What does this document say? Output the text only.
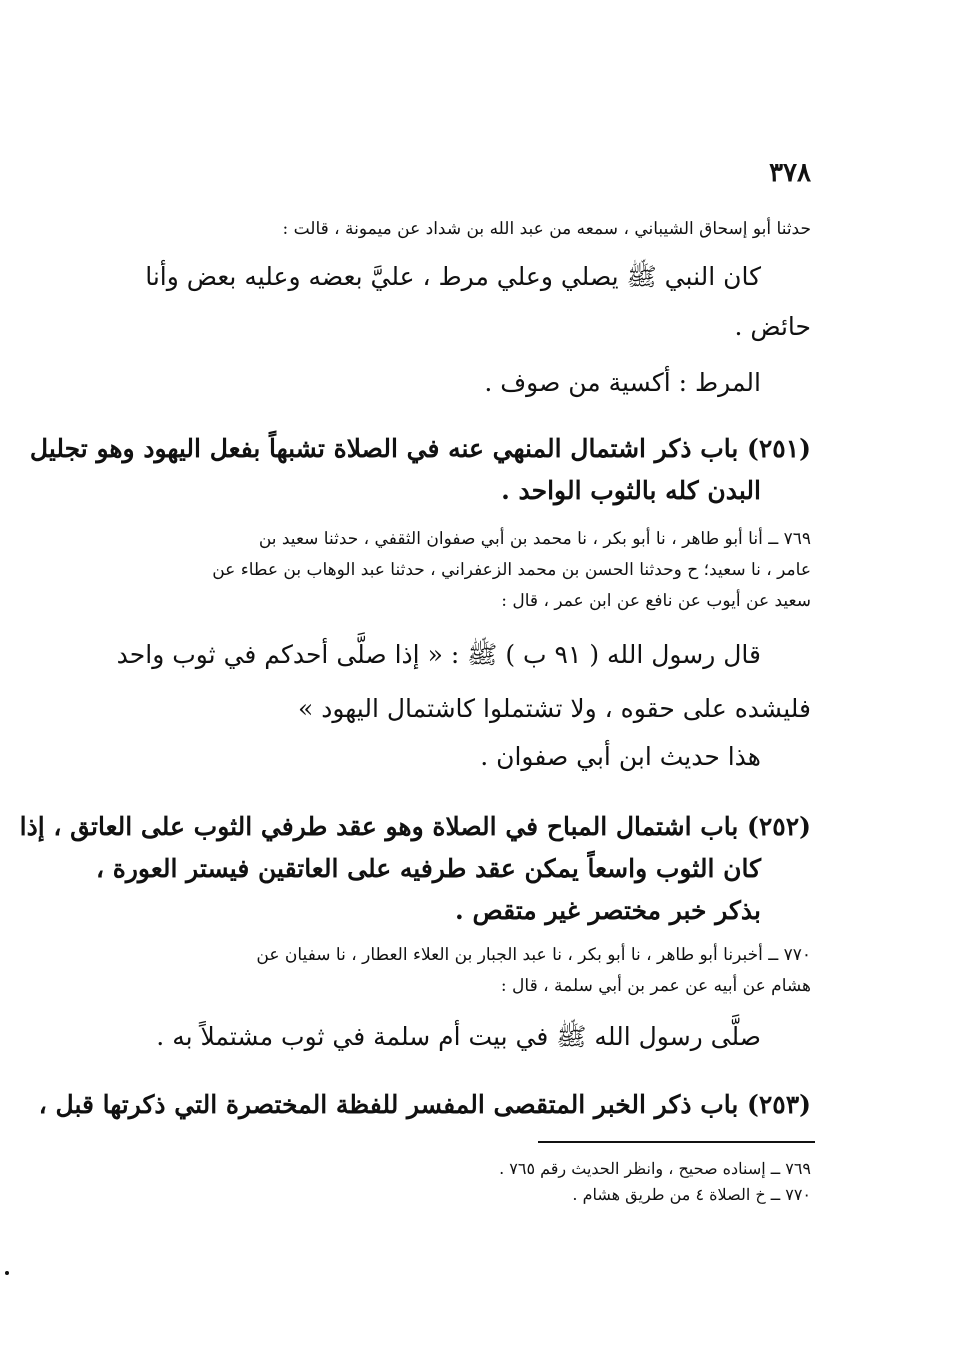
٣٧٨
حدثنا أبو إسحاق الشيباني ، سمعه من عبد الله بن شداد عن ميمونة ، قالت :
كان النبي ﷺ يصلي وعلي مرط ، عليَّ بعضه وعليه بعض وأنا
حائض .
المرط : أكسية من صوف .
(٢٥١) باب ذكر اشتمال المنهي عنه في الصلاة تشبهاً بفعل اليهود وهو تجليل
البدن كله بالثوب الواحد .
٧٦٩ ــ أنا أبو طاهر ، نا أبو بكر ، نا محمد بن أبي صفوان الثقفي ، حدثنا سعيد بن
عامر ، نا سعيد؛ ح وحدثنا الحسن بن محمد الزعفراني ، حدثنا عبد الوهاب بن عطاء عن
سعيد عن أيوب عن نافع عن ابن عمر ، قال :
قال رسول الله ( ٩١ ب ) ﷺ : « إذا صلَّى أحدكم في ثوب واحد
فليشده على حقوه ، ولا تشتملوا كاشتمال اليهود »
هذا حديث ابن أبي صفوان .
(٢٥٢) باب اشتمال المباح في الصلاة وهو عقد طرفي الثوب على العاتق ، إذا
كان الثوب واسعاً يمكن عقد طرفيه على العاتقين فيستر العورة ،
بذكر خبر مختصر غير متقص .
٧٧٠ ــ أخبرنا أبو طاهر ، نا أبو بكر ، نا عبد الجبار بن العلاء العطار ، نا سفيان عن
هشام عن أبيه عن عمر بن أبي سلمة ، قال :
صلَّى رسول الله ﷺ في بيت أم سلمة في ثوب مشتملاً به .
(٢٥٣) باب ذكر الخبر المتقصى المفسر للفظة المختصرة التي ذكرتها قبل ،
٧٦٩ ــ إسناده صحيح ، وانظر الحديث رقم ٧٦٥ .
٧٧٠ ــ خ الصلاة ٤ من طريق هشام .
